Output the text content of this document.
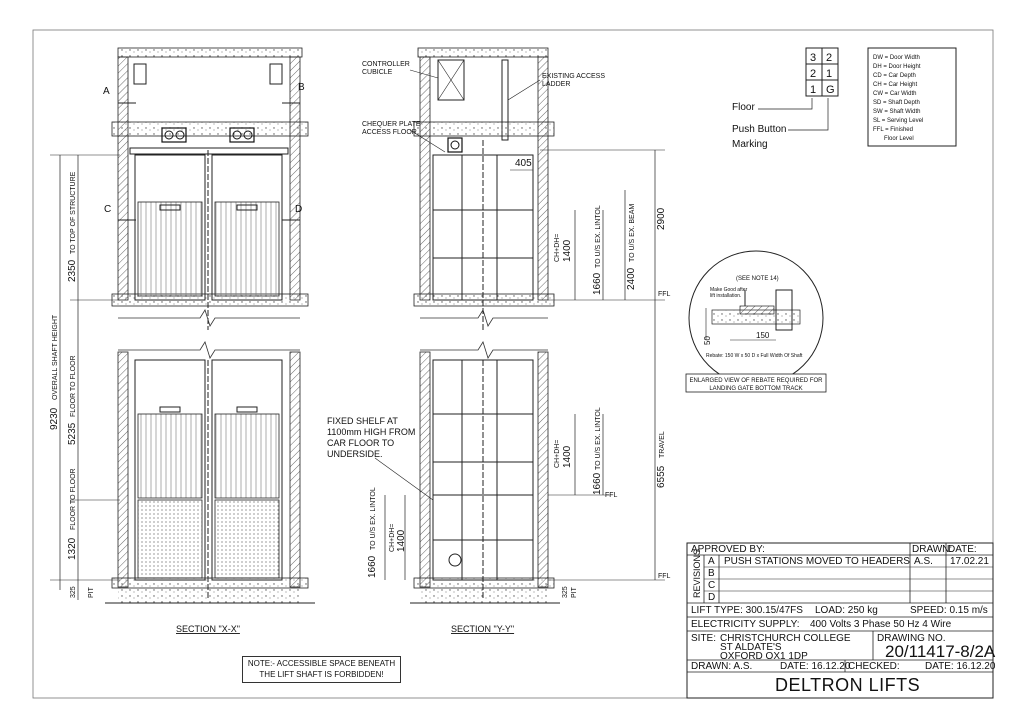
A	B
C	D
9230
OVERALL SHAFT HEIGHT
2350
TO TOP OF STRUCTURE
5235
FLOOR TO FLOOR
1320
FLOOR TO FLOOR
325 PIT
SECTION "X-X"
CONTROLLER
CUBICLE
EXISTING ACCESS
LADDER
CHEQUER PLATE
ACCESS FLOOR
FIXED SHELF AT
1100mm HIGH FROM
CAR FLOOR TO
UNDERSIDE.
405
2900
2400
TO U/S EX. BEAM
CH+DH= 1400
1660
TO U/S EX. LINTOL
FFL
6555
TRAVEL
CH+DH= 1400
1660
TO U/S EX. LINTOL
FFL
FFL
1660
TO U/S EX. LINTOL CH+DH= 1400
325 PIT
SECTION "Y-Y"
3 2
2 1
1 G
Floor
Push Button
Marking
DW = Door Width
DH = Door Height
CD = Car Depth
CH = Car Height
CW = Car Width
SD = Shaft Depth
SW = Shaft Width
SL = Serving Level
FFL = Finished
Floor Level
(SEE NOTE 14)
Make Good after
lift installation.
150
50
Rebate: 150 W x 50 D x Full Width Of Shaft
ENLARGED VIEW OF REBATE REQUIRED FOR
LANDING GATE BOTTOM TRACK
NOTE:- ACCESSIBLE SPACE BENEATH
THE LIFT SHAFT IS FORBIDDEN!
REVISIONS
APPROVED BY:	DRAWN:
DATE:
A PUSH STATIONS MOVED TO HEADERS A.S. 17.02.21
B
C
D
LIFT TYPE: 300.15/47FS LOAD: 250 kg	SPEED: 0.15 m/s
ELECTRICITY SUPPLY: 400 Volts 3 Phase 50 Hz 4 Wire
SITE: CHRISTCHURCH COLLEGE
ST ALDATE'S
OXFORD OX1 1DP
DRAWING NO.
20/11417-8/2A
DRAWN: A.S.	DATE: 16.12.20
CHECKED:	DATE: 16.12.20
DELTRON LIFTS
